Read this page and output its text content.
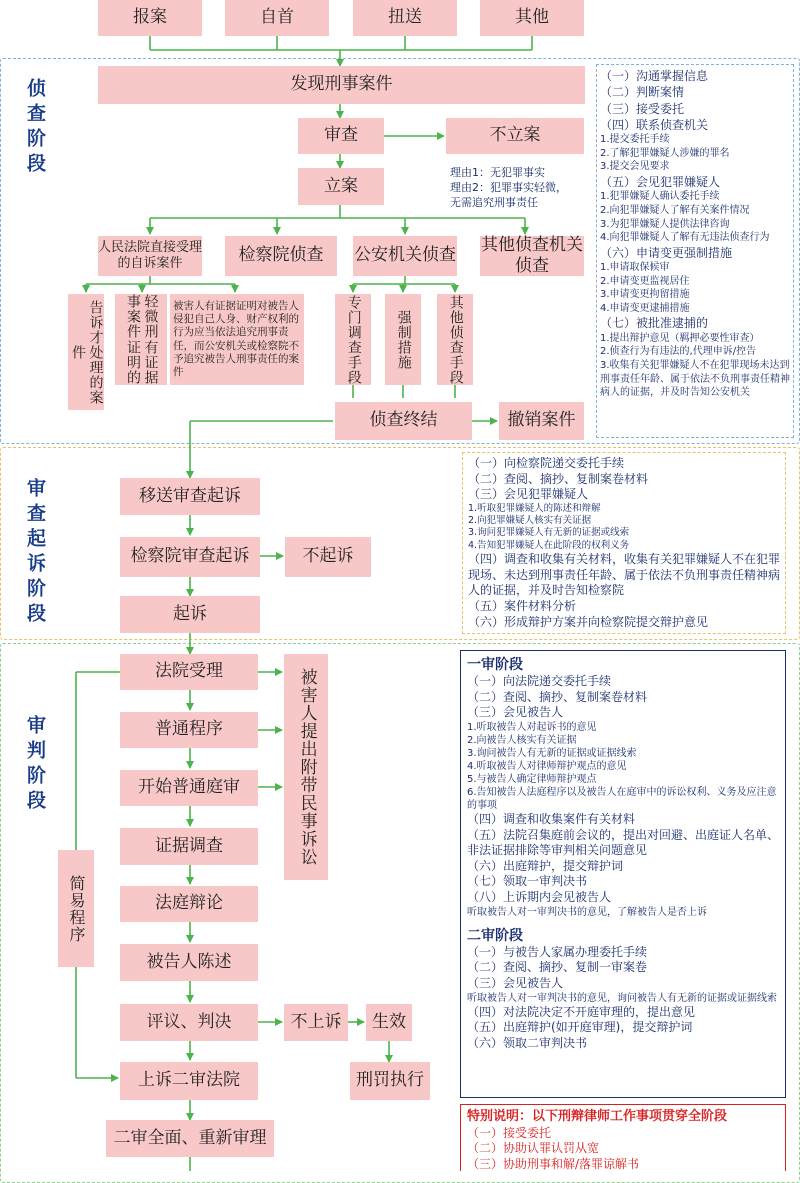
侦查阶段
审查起诉阶段
审判阶段
报案	自首	扭送	其他
发现刑事案件
审查	不立案
理由1：无犯罪事实
理由2：犯罪事实轻微，
无需追究刑事责任
立案
人民法院直接受理的自诉案件	检察院侦查	公安机关侦查
其他侦查机关侦查
告诉才处理的案件
轻微刑事案件
有证据证明的
被害人有证据证明对被告人侵犯自己人身、财产权利的行为应当依法追究刑事责任，而公安机关或检察院不予追究被告人刑事责任的案件	专门调查手段	强制措施	其他侦查手段
侦查终结	撤销案件
（一）沟通掌握信息
（二）判断案情
（三）接受委托
（四）联系侦查机关
1.提交委托手续
2.了解犯罪嫌疑人涉嫌的罪名
3.提交会见要求
（五）会见犯罪嫌疑人
1.犯罪嫌疑人确认委托手续
2.向犯罪嫌疑人了解有关案件情况
3.为犯罪嫌疑人提供法律咨询
4.向犯罪嫌疑人了解有无违法侦查行为
（六）申请变更强制措施
1.申请取保候审
2.申请变更监视居住
3.申请变更拘留措施
4.申请变更逮捕措施
（七）被批准逮捕的
1.提出辩护意见（羁押必要性审查）
2.侦查行为有违法的,代理申诉/控告
3.收集有关犯罪嫌疑人不在犯罪现场未达到刑事责任年龄、属于依法不负刑事责任精神病人的证据，并及时告知公安机关
移送审查起诉
检察院审查起诉	不起诉
起诉
（一）向检察院递交委托手续
（二）查阅、摘抄、复制案卷材料
（三）会见犯罪嫌疑人
1.听取犯罪嫌疑人的陈述和辩解
2.向犯罪嫌疑人核实有关证据
3.询问犯罪嫌疑人有无新的证据或线索
4.告知犯罪嫌疑人在此阶段的权利义务
（四）调查和收集有关材料，收集有关犯罪嫌疑人不在犯罪现场、未达到刑事责任年龄、属于依法不负刑事责任精神病人的证据，并及时告知检察院
（五）案件材料分析
（六）形成辩护方案并向检察院提交辩护意见
法院受理
普通程序
开始普通庭审
证据调查
法庭辩论
被告人陈述
评议、判决	不上诉	生效
刑罚执行
上诉二审法院
二审全面、重新审理
被害人提出附带民事诉讼
简易程序
一审阶段
（一）向法院递交委托手续
（二）查阅、摘抄、复制案卷材料
（三）会见被告人
1.听取被告人对起诉书的意见
2.向被告人核实有关证据
3.询问被告人有无新的证据或证据线索
4.听取被告人对律师辩护观点的意见
5.与被告人确定律师辩护观点
6.告知被告人法庭程序以及被告人在庭审中的诉讼权利、义务及应注意的事项
（四）调查和收集案件有关材料
（五）法院召集庭前会议的，提出对回避、出庭证人名单、非法证据排除等审判相关问题意见
（六）出庭辩护，提交辩护词
（七）领取一审判决书
（八）上诉期内会见被告人
听取被告人对一审判决书的意见，了解被告人是否上诉
二审阶段
（一）与被告人家属办理委托手续
（二）查阅、摘抄、复制一审案卷
（三）会见被告人
听取被告人对一审判决书的意见，询问被告人有无新的证据或证据线索
（四）对法院决定不开庭审理的，提出意见
（五）出庭辩护(如开庭审理)，提交辩护词
（六）领取二审判决书
特别说明：以下刑辩律师工作事项贯穿全阶段
（一）接受委托
（二）协助认罪认罚从宽
（三）协助刑事和解/落罪谅解书
